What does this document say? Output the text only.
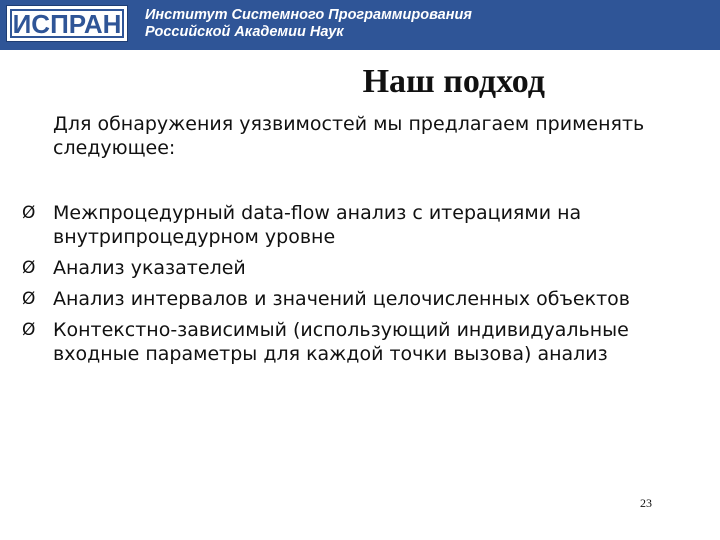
ИСПРАН	Институт Системного Программирования
Российской Академии Наук
Наш подход
Для обнаружения уязвимостей мы предлагаем применять следующее:
Ø Межпроцедурный data-flow анализ с итерациями на внутрипроцедурном уровне
Ø Анализ указателей
Ø Анализ интервалов и значений целочисленных объектов
Ø Контекстно-зависимый (использующий индивидуальные входные параметры для каждой точки вызова) анализ
23
